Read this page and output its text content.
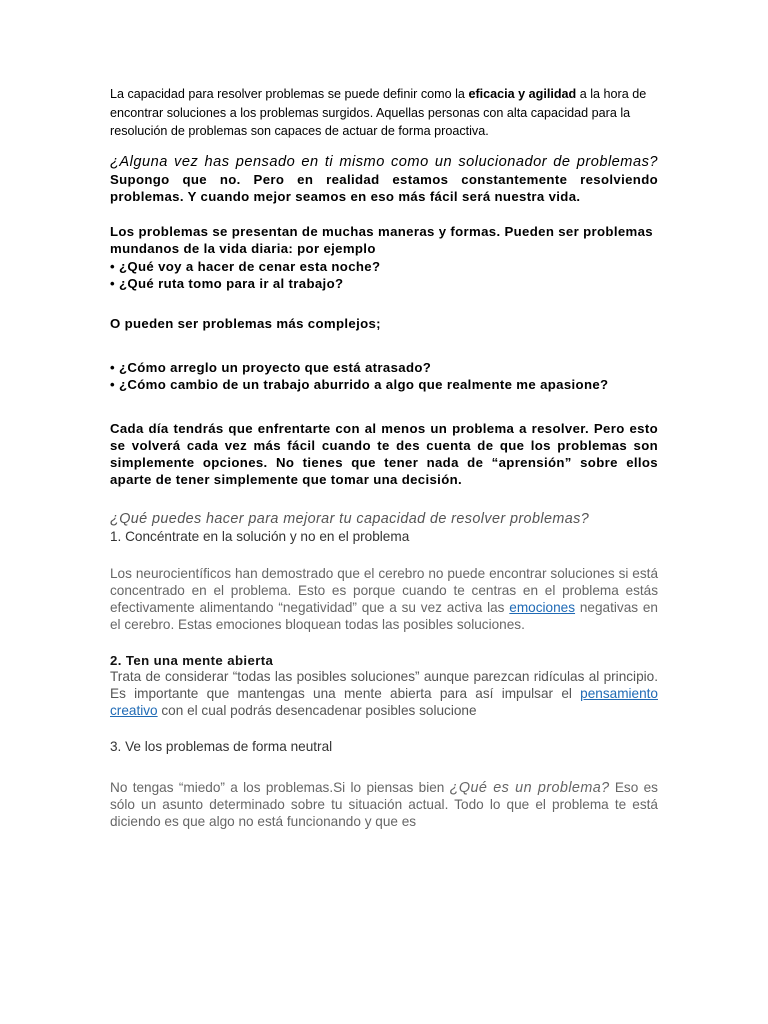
La capacidad para resolver problemas se puede definir como la eficacia y agilidad a la hora de encontrar soluciones a los problemas surgidos. Aquellas personas con alta capacidad para la resolución de problemas son capaces de actuar de forma proactiva.

¿Alguna vez has pensado en ti mismo como un solucionador de problemas? Supongo que no. Pero en realidad estamos constantemente resolviendo problemas. Y cuando mejor seamos en eso más fácil será nuestra vida.

Los problemas se presentan de muchas maneras y formas. Pueden ser problemas
mundanos de la vida diaria: por ejemplo
• ¿Qué voy a hacer de cenar esta noche?
• ¿Qué ruta tomo para ir al trabajo?

O pueden ser problemas más complejos;

• ¿Cómo arreglo un proyecto que está atrasado?
• ¿Cómo cambio de un trabajo aburrido a algo que realmente me apasione?

Cada día tendrás que enfrentarte con al menos un problema a resolver. Pero esto se volverá cada vez más fácil cuando te des cuenta de que los problemas son simplemente opciones. No tienes que tener nada de “aprensión” sobre ellos aparte de tener simplemente que tomar una decisión.

¿Qué puedes hacer para mejorar tu capacidad de resolver problemas?

1. Concéntrate en la solución y no en el problema

Los neurocientíficos han demostrado que el cerebro no puede encontrar soluciones si está concentrado en el problema. Esto es porque cuando te centras en el problema estás efectivamente alimentando “negatividad” que a su vez activa las emociones negativas en el cerebro. Estas emociones bloquean todas las posibles soluciones.

2. Ten una mente abierta

Trata de considerar “todas las posibles soluciones” aunque parezcan ridículas al principio. Es importante que mantengas una mente abierta para así impulsar el pensamiento creativo con el cual podrás desencadenar posibles solucione

3. Ve los problemas de forma neutral

No tengas “miedo” a los problemas.Si lo piensas bien ¿Qué es un problema? Eso es sólo un asunto determinado sobre tu situación actual. Todo lo que el problema te está diciendo es que algo no está funcionando y que es
